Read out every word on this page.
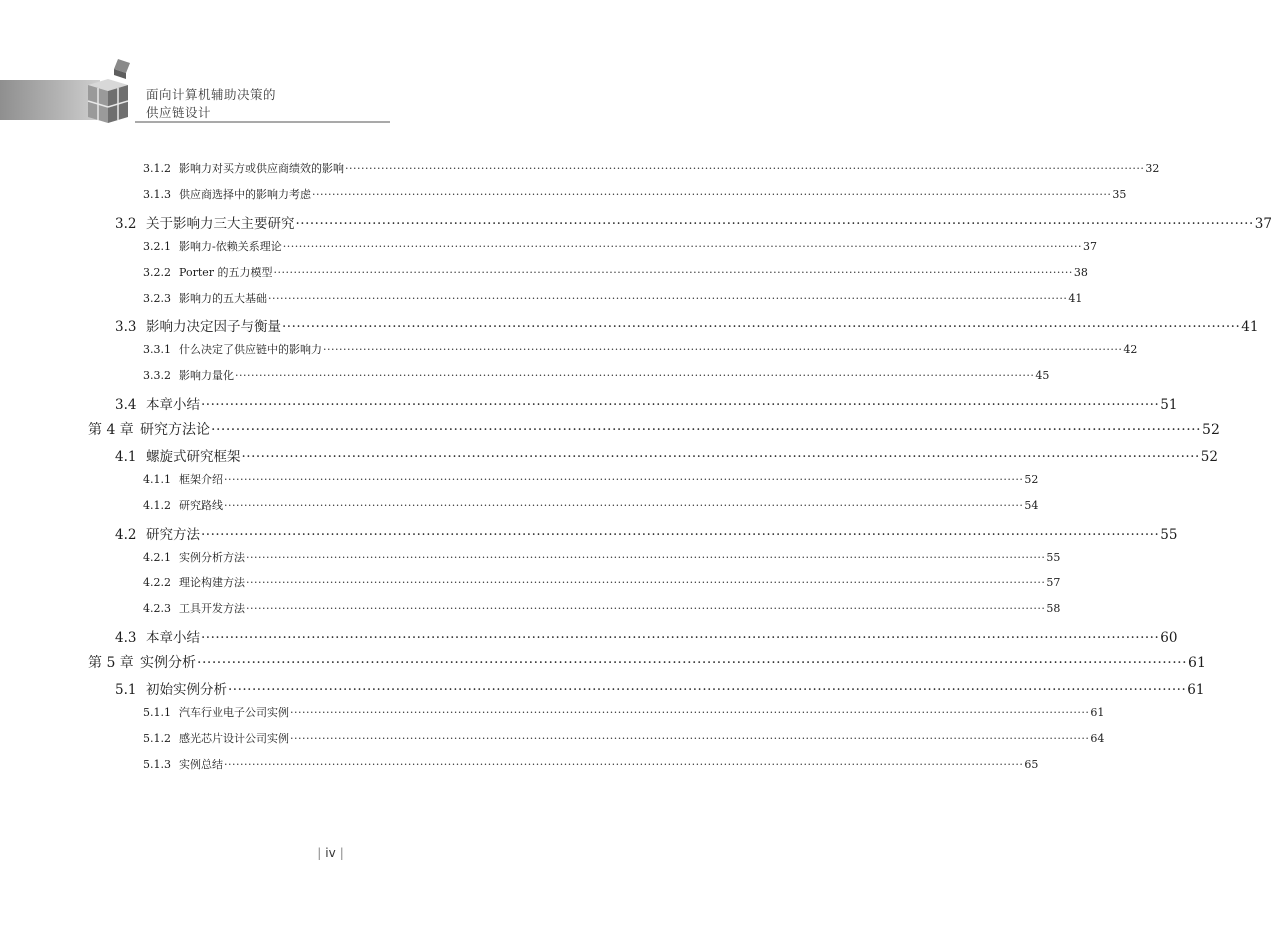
面向计算机辅助决策的
供应链设计
3.1.2 影响力对买方或供应商绩效的影响 ········································································································································································································ 32
3.1.3 供应商选择中的影响力考虑 ········································································································································································································ 35
3.2 关于影响力三大主要研究 ········································································································································································································ 37
3.2.1 影响力-依赖关系理论 ········································································································································································································ 37
3.2.2 Porter 的五力模型 ········································································································································································································ 38
3.2.3 影响力的五大基础 ········································································································································································································ 41
3.3 影响力决定因子与衡量 ········································································································································································································ 41
3.3.1 什么决定了供应链中的影响力 ········································································································································································································ 42
3.3.2 影响力量化 ········································································································································································································ 45
3.4 本章小结 ········································································································································································································ 51
第 4 章 研究方法论 ········································································································································································································ 52
4.1 螺旋式研究框架 ········································································································································································································ 52
4.1.1 框架介绍 ········································································································································································································ 52
4.1.2 研究路线 ········································································································································································································ 54
4.2 研究方法 ········································································································································································································ 55
4.2.1 实例分析方法 ········································································································································································································ 55
4.2.2 理论构建方法 ········································································································································································································ 57
4.2.3 工具开发方法 ········································································································································································································ 58
4.3 本章小结 ········································································································································································································ 60
第 5 章 实例分析 ········································································································································································································ 61
5.1 初始实例分析 ········································································································································································································ 61
5.1.1 汽车行业电子公司实例 ········································································································································································································ 61
5.1.2 感光芯片设计公司实例 ········································································································································································································ 64
5.1.3 实例总结 ········································································································································································································ 65
| iv |
